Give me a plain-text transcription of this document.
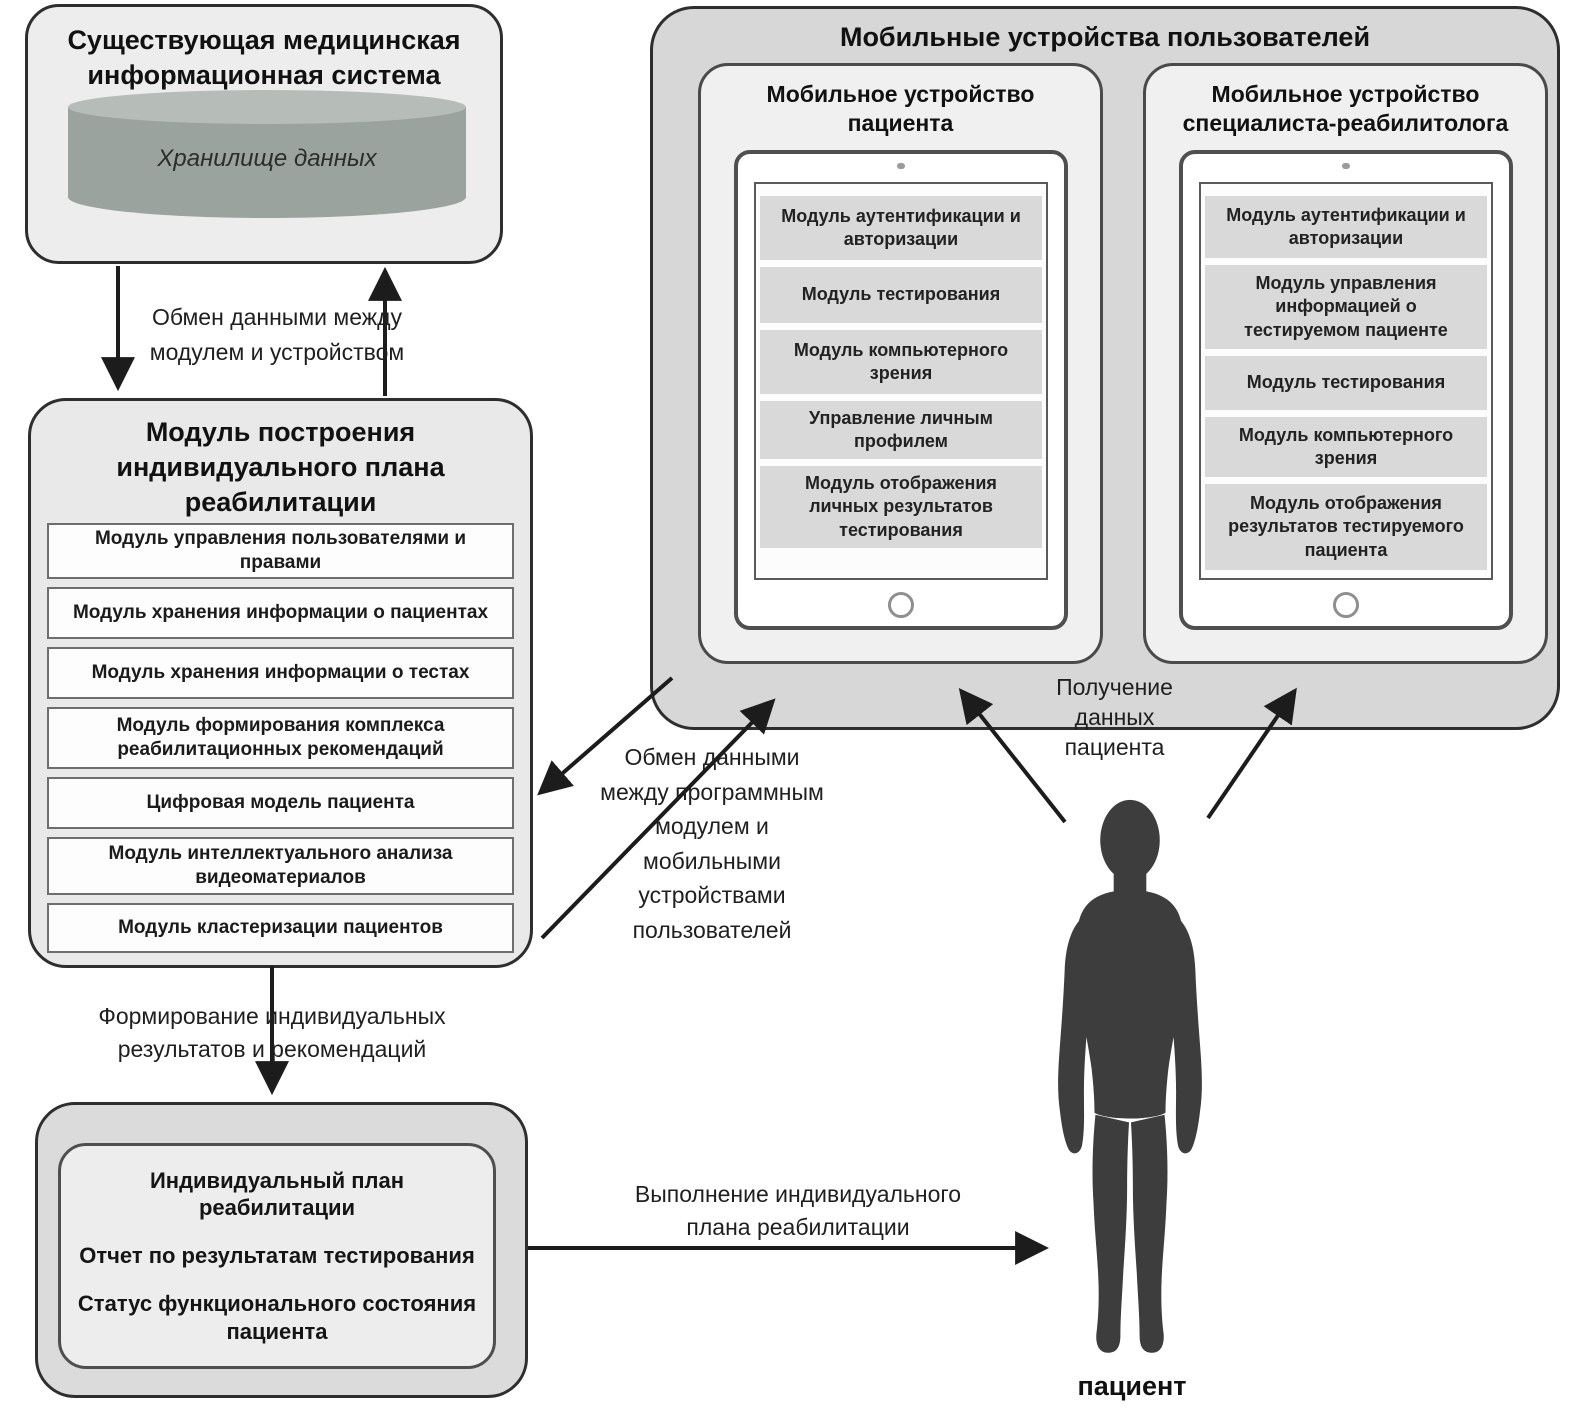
Существующая медицинская информационная система
Хранилище данных
Модуль построения индивидуального плана реабилитации
Модуль управления пользователями и правами
Модуль хранения информации о пациентах
Модуль хранения информации о тестах
Модуль формирования комплекса реабилитационных рекомендаций
Цифровая модель пациента
Модуль интеллектуального анализа видеоматериалов
Модуль кластеризации пациентов
Индивидуальный план реабилитации
Отчет по результатам тестирования
Статус функционального состояния пациента
Мобильные устройства пользователей
Мобильное устройство пациента
Модуль аутентификации и авторизации
Модуль тестирования
Модуль компьютерного зрения
Управление личным профилем
Модуль отображения личных результатов тестирования
Мобильное устройство специалиста-реабилитолога
Модуль аутентификации и авторизации
Модуль управления информацией о тестируемом пациенте
Модуль тестирования
Модуль компьютерного зрения
Модуль отображения результатов тестируемого пациента
Получение данных пациента
Обмен данными между модулем и устройством
Обмен данными между программным модулем и мобильными устройствами пользователей
Формирование индивидуальных результатов и рекомендаций
Выполнение индивидуального плана реабилитации
пациент
